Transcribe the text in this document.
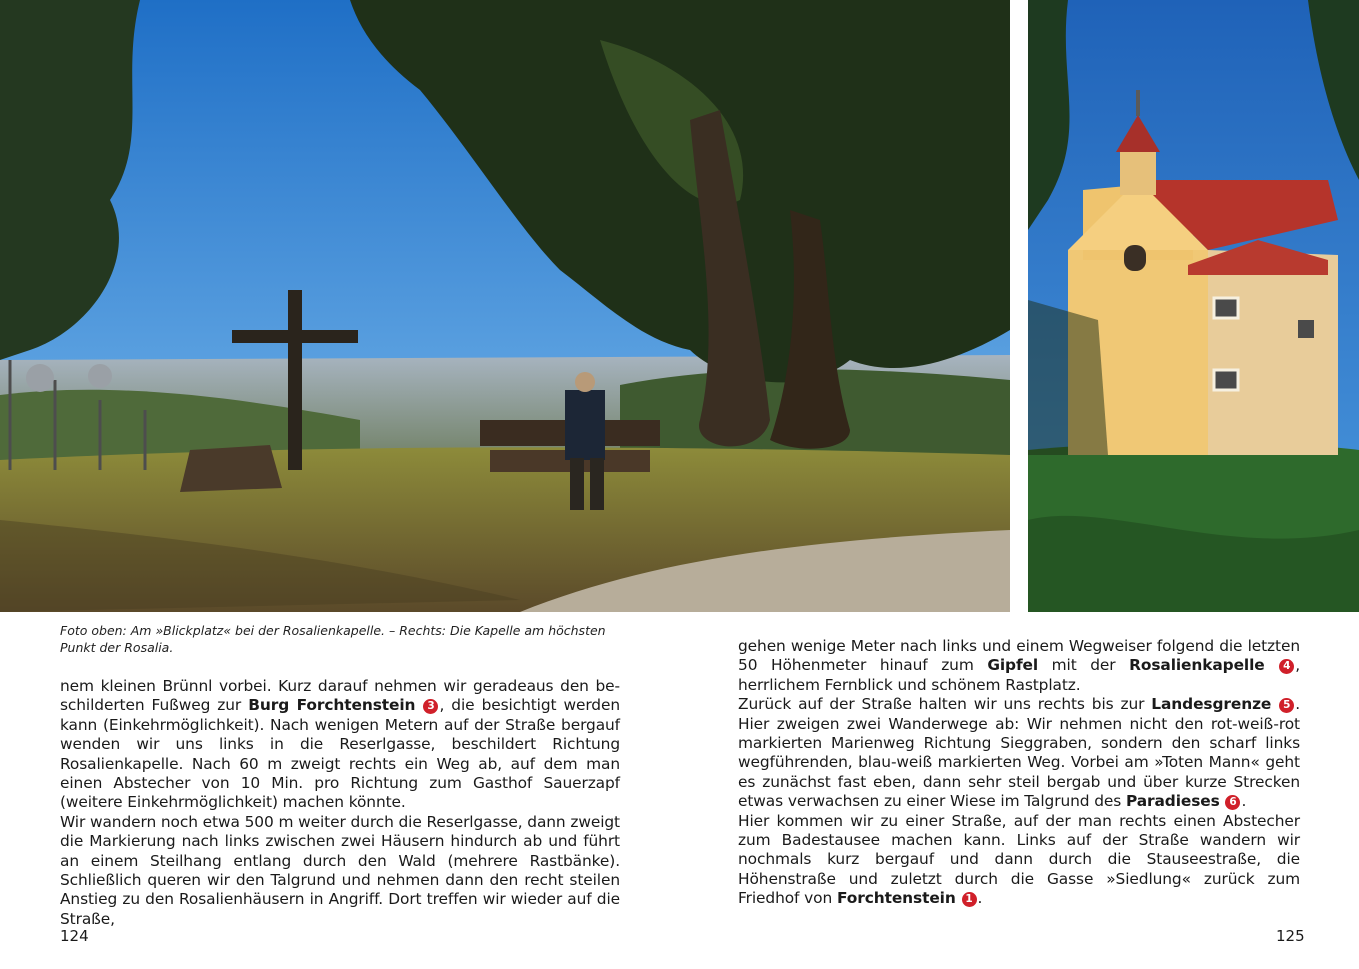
Foto oben: Am »Blickplatz« bei der Rosalienkapelle. – Rechts: Die Kapelle am höchsten
Punkt der Rosalia.

nem kleinen Brünnl vorbei. Kurz darauf nehmen wir geradeaus den be-schilderten Fußweg zur Burg Forchtenstein 3 , die besichtigt werden kann (Einkehrmöglichkeit). Nach wenigen Metern auf der Straße bergauf wenden wir uns links in die Reserlgasse, beschildert Richtung Rosalienkapelle. Nach 60 m zweigt rechts ein Weg ab, auf dem man einen Abstecher von 10 Min. pro Richtung zum Gasthof Sauerzapf (weitere Einkehrmöglichkeit) machen könnte.

Wir wandern noch etwa 500 m weiter durch die Reserlgasse, dann zweigt die Markierung nach links zwischen zwei Häusern hindurch ab und führt an einem Steilhang entlang durch den Wald (mehrere Rastbänke). Schließlich queren wir den Talgrund und nehmen dann den recht steilen Anstieg zu den Rosalienhäusern in Angriff. Dort treffen wir wieder auf die Straße,

gehen wenige Meter nach links und einem Wegweiser folgend die letzten 50 Höhenmeter hinauf zum Gipfel mit der Rosalienkapelle 4 , herrlichem Fernblick und schönem Rastplatz.

Zurück auf der Straße halten wir uns rechts bis zur Landesgrenze 5 . Hier zweigen zwei Wanderwege ab: Wir nehmen nicht den rot-weiß-rot markierten Marienweg Richtung Sieggraben, sondern den scharf links wegführenden, blau-weiß markierten Weg. Vorbei am »Toten Mann« geht es zunächst fast eben, dann sehr steil bergab und über kurze Strecken etwas verwachsen zu einer Wiese im Talgrund des Paradieses 6 .

Hier kommen wir zu einer Straße, auf der man rechts einen Abstecher zum Badestausee machen kann. Links auf der Straße wandern wir nochmals kurz bergauf und dann durch die Stauseestraße, die Höhenstraße und zuletzt durch die Gasse »Siedlung« zurück zum Friedhof von Forchtenstein 1 .

124	125
